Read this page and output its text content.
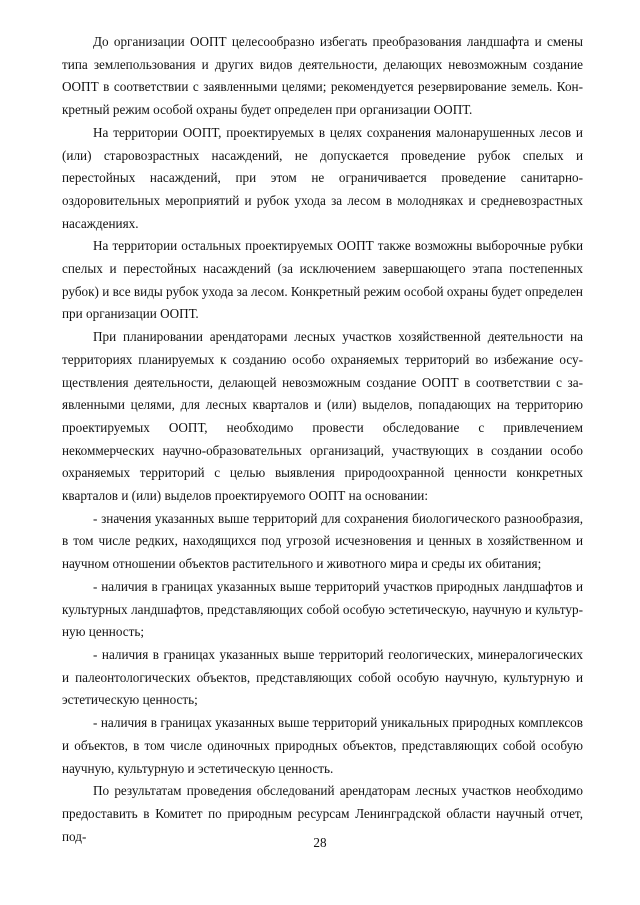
До организации ООПТ целесообразно избегать преобразования ландшафта и смены типа землепользования и других видов деятельности, делающих невозможным создание ООПТ в соответствии с заявленными целями; рекомендуется резервирование земель. Конкретный режим особой охраны будет определен при организации ООПТ.

На территории ООПТ, проектируемых в целях сохранения малонарушенных лесов и (или) старовозрастных насаждений, не допускается проведение рубок спелых и перестойных насаждений, при этом не ограничивается проведение санитарно-оздоровительных мероприятий и рубок ухода за лесом в молодняках и средневозрастных насаждениях.

На территории остальных проектируемых ООПТ также возможны выборочные рубки спелых и перестойных насаждений (за исключением завершающего этапа постепенных рубок) и все виды рубок ухода за лесом. Конкретный режим особой охраны будет определен при организации ООПТ.

При планировании арендаторами лесных участков хозяйственной деятельности на территориях планируемых к созданию особо охраняемых территорий во избежание осуществления деятельности, делающей невозможным создание ООПТ в соответствии с заявленными целями, для лесных кварталов и (или) выделов, попадающих на территорию проектируемых ООПТ, необходимо провести обследование с привлечением некоммерческих научно-образовательных организаций, участвующих в создании особо охраняемых территорий с целью выявления природоохранной ценности конкретных кварталов и (или) выделов проектируемого ООПТ на основании:

- значения указанных выше территорий для сохранения биологического разнообразия, в том числе редких, находящихся под угрозой исчезновения и ценных в хозяйственном и научном отношении объектов растительного и животного мира и среды их обитания;

- наличия в границах указанных выше территорий участков природных ландшафтов и культурных ландшафтов, представляющих собой особую эстетическую, научную и культурную ценность;

- наличия в границах указанных выше территорий геологических, минералогических и палеонтологических объектов, представляющих собой особую научную, культурную и эстетическую ценность;

- наличия в границах указанных выше территорий уникальных природных комплексов и объектов, в том числе одиночных природных объектов, представляющих собой особую научную, культурную и эстетическую ценность.

По результатам проведения обследований арендаторам лесных участков необходимо предоставить в Комитет по природным ресурсам Ленинградской области научный отчет, под-	28
